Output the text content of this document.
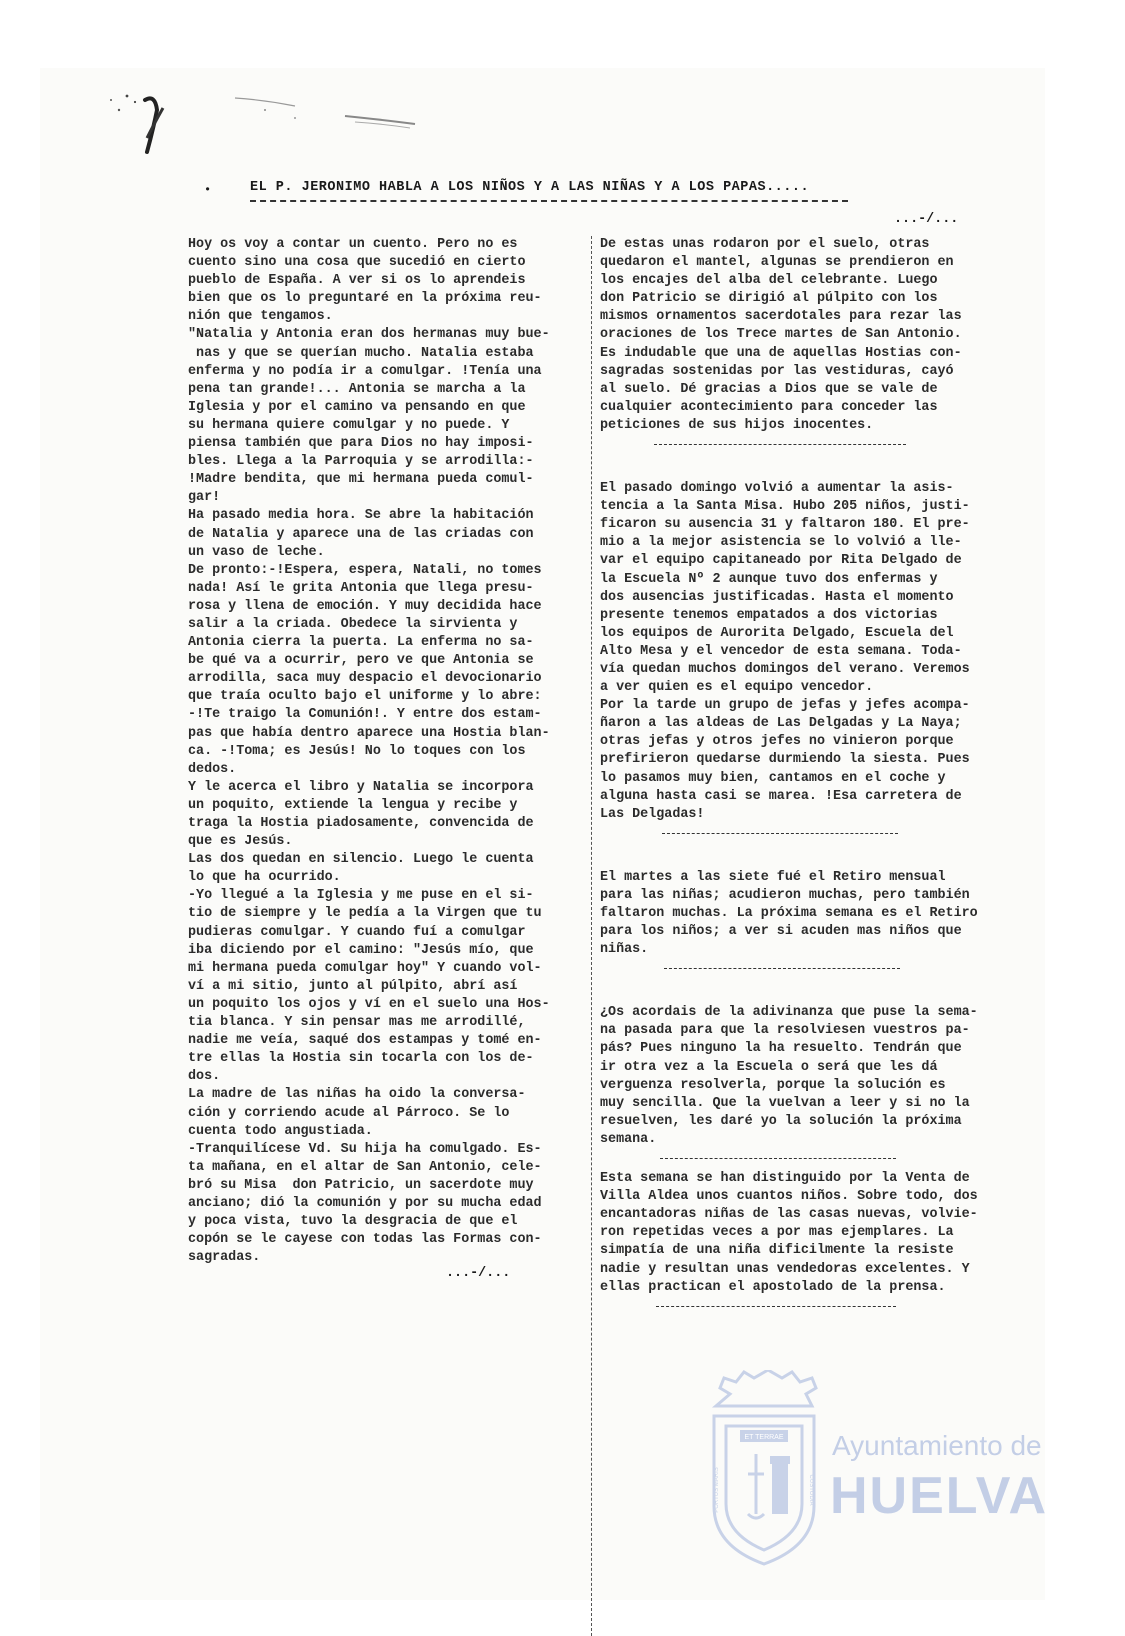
•	EL P. JERONIMO HABLA A LOS NIÑOS Y A LAS NIÑAS Y A LOS PAPAS.....
...-/...

Hoy os voy a contar un cuento. Pero no es

cuento sino una cosa que sucedió en cierto

pueblo de España. A ver si os lo aprendeis

bien que os lo preguntaré en la próxima reu-

nión que tengamos.

"Natalia y Antonia eran dos hermanas muy bue-

nas y que se querían mucho. Natalia estaba

enferma y no podía ir a comulgar. !Tenía una

pena tan grande!... Antonia se marcha a la

Iglesia y por el camino va pensando en que

su hermana quiere comulgar y no puede. Y

piensa también que para Dios no hay imposi-

bles. Llega a la Parroquia y se arrodilla:-

!Madre bendita, que mi hermana pueda comul-

gar!

Ha pasado media hora. Se abre la habitación

de Natalia y aparece una de las criadas con

un vaso de leche.

De pronto:-!Espera, espera, Natali, no tomes

nada! Así le grita Antonia que llega presu-

rosa y llena de emoción. Y muy decidida hace

salir a la criada. Obedece la sirvienta y

Antonia cierra la puerta. La enferma no sa-

be qué va a ocurrir, pero ve que Antonia se

arrodilla, saca muy despacio el devocionario

que traía oculto bajo el uniforme y lo abre:

-!Te traigo la Comunión!. Y entre dos estam-

pas que había dentro aparece una Hostia blan-

ca. -!Toma; es Jesús! No lo toques con los

dedos.

Y le acerca el libro y Natalia se incorpora

un poquito, extiende la lengua y recibe y

traga la Hostia piadosamente, convencida de

que es Jesús.

Las dos quedan en silencio. Luego le cuenta

lo que ha ocurrido.

-Yo llegué a la Iglesia y me puse en el si-

tio de siempre y le pedía a la Virgen que tu

pudieras comulgar. Y cuando fuí a comulgar

iba diciendo por el camino: "Jesús mío, que

mi hermana pueda comulgar hoy" Y cuando vol-

ví a mi sitio, junto al púlpito, abrí así

un poquito los ojos y ví en el suelo una Hos-

tia blanca. Y sin pensar mas me arrodillé,

nadie me veía, saqué dos estampas y tomé en-

tre ellas la Hostia sin tocarla con los de-

dos.

La madre de las niñas ha oido la conversa-

ción y corriendo acude al Párroco. Se lo

cuenta todo angustiada.

-Tranquilícese Vd. Su hija ha comulgado. Es-

ta mañana, en el altar de San Antonio, cele-

bró su Misa  don Patricio, un sacerdote muy

anciano; dió la comunión y por su mucha edad

y poca vista, tuvo la desgracia de que el

copón se le cayese con todas las Formas con-

sagradas.

De estas unas rodaron por el suelo, otras

quedaron el mantel, algunas se prendieron en

los encajes del alba del celebrante. Luego

don Patricio se dirigió al púlpito con los

mismos ornamentos sacerdotales para rezar las

oraciones de los Trece martes de San Antonio.

Es indudable que una de aquellas Hostias con-

sagradas sostenidas por las vestiduras, cayó

al suelo. Dé gracias a Dios que se vale de

cualquier acontecimiento para conceder las

peticiones de sus hijos inocentes.

El pasado domingo volvió a aumentar la asis-

tencia a la Santa Misa. Hubo 205 niños, justi-

ficaron su ausencia 31 y faltaron 180. El pre-

mio a la mejor asistencia se lo volvió a lle-

var el equipo capitaneado por Rita Delgado de

la Escuela Nº 2 aunque tuvo dos enfermas y

dos ausencias justificadas. Hasta el momento

presente tenemos empatados a dos victorias

los equipos de Aurorita Delgado, Escuela del

Alto Mesa y el vencedor de esta semana. Toda-

vía quedan muchos domingos del verano. Veremos

a ver quien es el equipo vencedor.

Por la tarde un grupo de jefas y jefes acompa-

ñaron a las aldeas de Las Delgadas y La Naya;

otras jefas y otros jefes no vinieron porque

prefirieron quedarse durmiendo la siesta. Pues

lo pasamos muy bien, cantamos en el coche y

alguna hasta casi se marea. !Esa carretera de

Las Delgadas!

El martes a las siete fué el Retiro mensual

para las niñas; acudieron muchas, pero también

faltaron muchas. La próxima semana es el Retiro

para los niños; a ver si acuden mas niños que

niñas.

¿Os acordais de la adivinanza que puse la sema-

na pasada para que la resolviesen vuestros pa-

pás? Pues ninguno la ha resuelto. Tendrán que

ir otra vez a la Escuela o será que les dá

verguenza resolverla, porque la solución es

muy sencilla. Que la vuelvan a leer y si no la

resuelven, les daré yo la solución la próxima

semana.

Esta semana se han distinguido por la Venta de

Villa Aldea unos cuantos niños. Sobre todo, dos

encantadoras niñas de las casas nuevas, volvie-

ron repetidas veces a por mas ejemplares. La

simpatía de una niña dificilmente la resiste

nadie y resultan unas vendedoras excelentes. Y

ellas practican el apostolado de la prensa.

...-/...
ET TERRAE
PORTUS MARIS	CUSTODIA
Ayuntamiento de
HUELVA
